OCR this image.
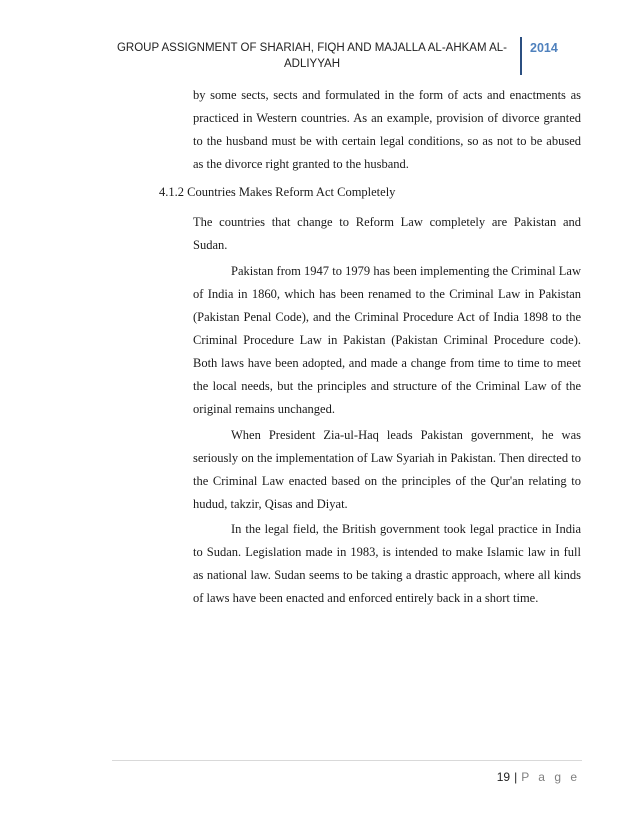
GROUP ASSIGNMENT OF SHARIAH, FIQH AND MAJALLA AL-AHKAM AL-ADLIYYAH
2014
by some sects, sects and formulated in the form of acts and enactments as practiced in Western countries. As an example, provision of divorce granted to the husband must be with certain legal conditions, so as not to be abused as the divorce right granted to the husband.
4.1.2 Countries Makes Reform Act Completely
The countries that change to Reform Law completely are Pakistan and Sudan.
Pakistan from 1947 to 1979 has been implementing the Criminal Law of India in 1860, which has been renamed to the Criminal Law in Pakistan (Pakistan Penal Code), and the Criminal Procedure Act of India 1898 to the Criminal Procedure Law in Pakistan (Pakistan Criminal Procedure code). Both laws have been adopted, and made a change from time to time to meet the local needs, but the principles and structure of the Criminal Law of the original remains unchanged.
When President Zia-ul-Haq leads Pakistan government, he was seriously on the implementation of Law Syariah in Pakistan. Then directed to the Criminal Law enacted based on the principles of the Qur'an relating to hudud, takzir, Qisas and Diyat.
In the legal field, the British government took legal practice in India to Sudan. Legislation made in 1983, is intended to make Islamic law in full as national law. Sudan seems to be taking a drastic approach, where all kinds of laws have been enacted and enforced entirely back in a short time.
19 | P a g e
